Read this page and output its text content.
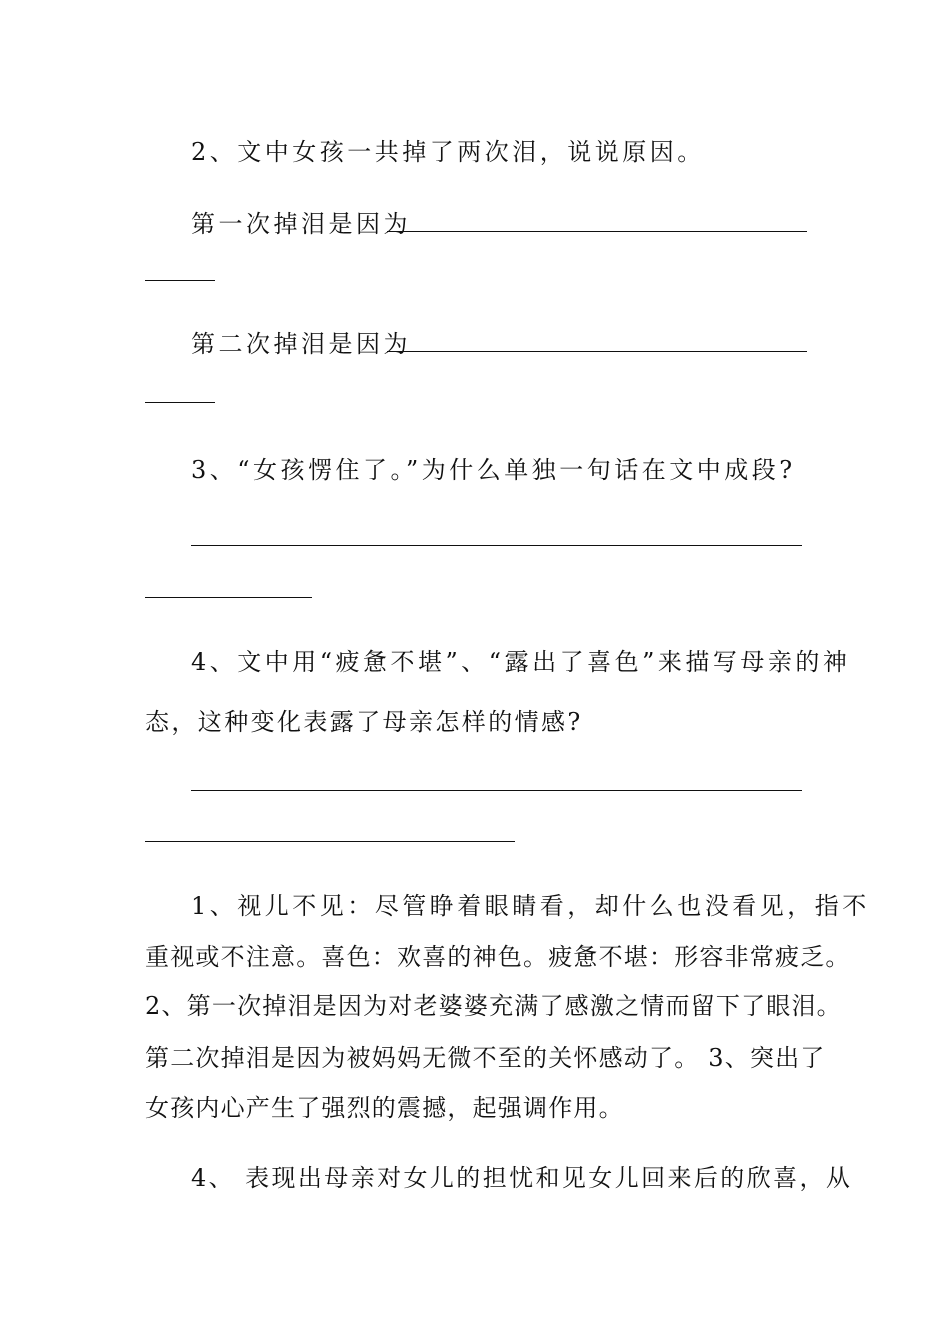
2、文中女孩一共掉了两次泪，说说原因。
第一次掉泪是因为
第二次掉泪是因为
3、“女孩愣住了。”为什么单独一句话在文中成段?
4、文中用“疲惫不堪”、“露出了喜色”来描写母亲的神
态，这种变化表露了母亲怎样的情感?
1、视儿不见：尽管睁着眼睛看，却什么也没看见，指不
重视或不注意。喜色：欢喜的神色。疲惫不堪：形容非常疲乏。
2、第一次掉泪是因为对老婆婆充满了感激之情而留下了眼泪。
第二次掉泪是因为被妈妈无微不至的关怀感动了。 3、突出了
女孩内心产生了强烈的震撼，起强调作用。
4、 表现出母亲对女儿的担忧和见女儿回来后的欣喜，从
